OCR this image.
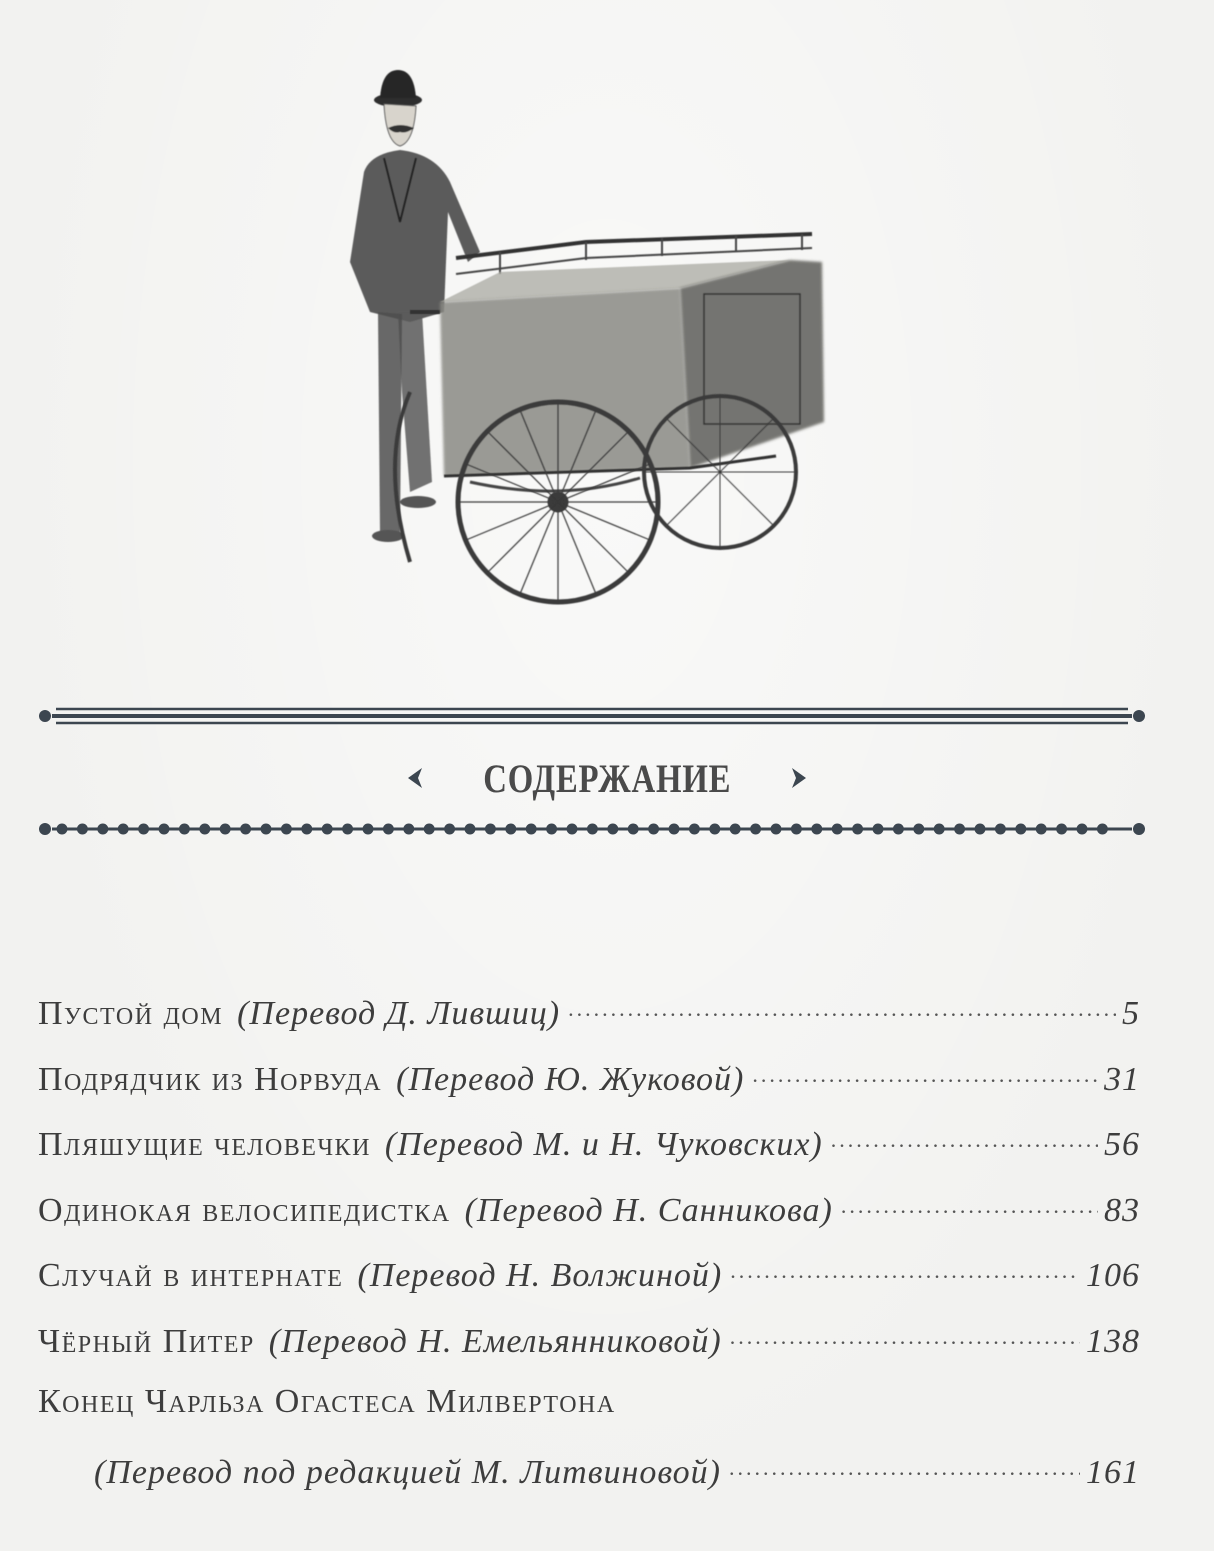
СОДЕРЖАНИЕ
Пустой дом (Перевод Д. Лившиц) .....	5
Подрядчик из Норвуда (Перевод Ю. Жуковой) .....	31
Пляшущие человечки (Перевод М. и Н. Чуковских) .....	56
Одинокая велосипедистка (Перевод Н. Санникова) .....	83
Случай в интернате (Перевод Н. Волжиной) .....	106
Чёрный Питер (Перевод Н. Емельянниковой) .....	138
Конец Чарльза Огастеса Милвертона
(Перевод под редакцией М. Литвиновой) .....	161
